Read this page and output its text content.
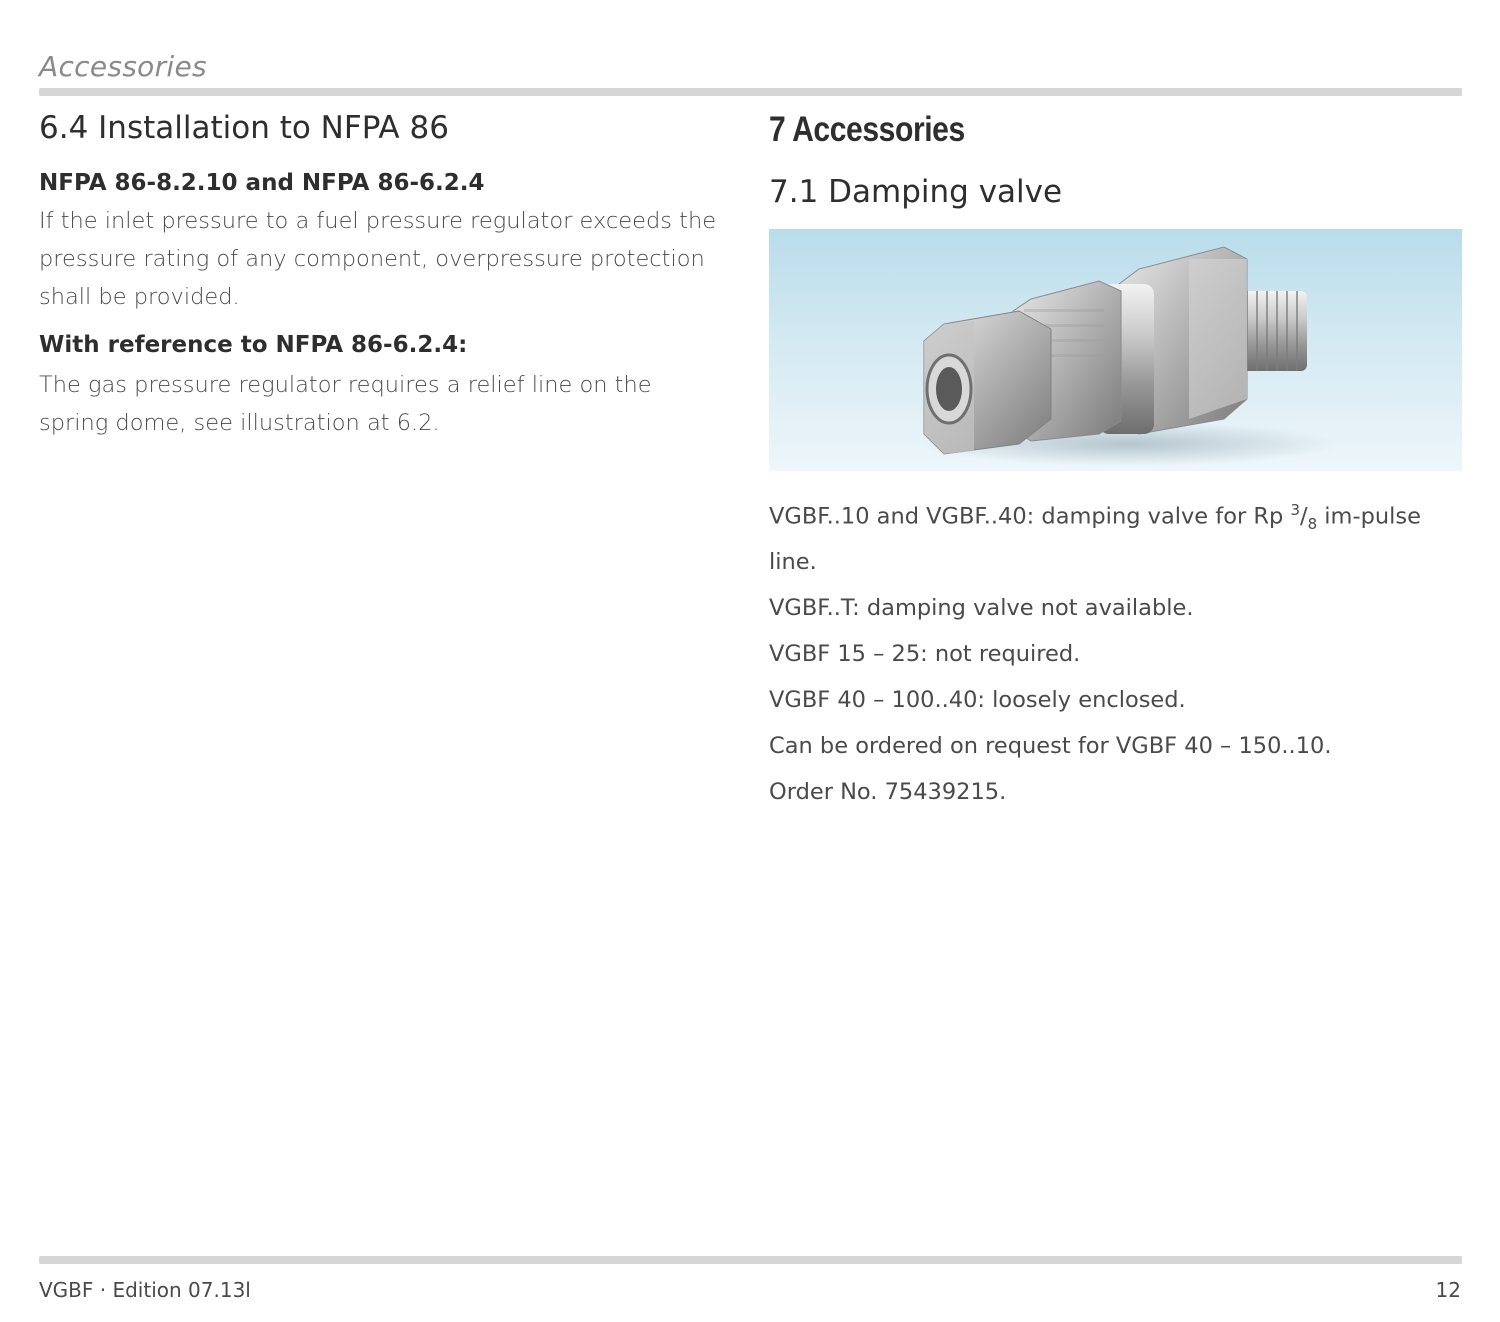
Accessories
6.4 Installation to NFPA 86
NFPA 86-8.2.10 and NFPA 86-6.2.4

If the inlet pressure to a fuel pressure regulator exceeds the pressure rating of any component, overpressure protection shall be provided.

With reference to NFPA 86-6.2.4:

The gas pressure regulator requires a relief line on the spring dome, see illustration at 6.2.

7 Accessories
7.1 Damping valve

VGBF..10 and VGBF..40: damping valve for Rp $^3/_8$ im-pulse line.

VGBF..T: damping valve not available.

VGBF 15 – 25: not required.

VGBF 40 – 100..40: loosely enclosed.

Can be ordered on request for VGBF 40 – 150..10.

Order No. 75439215.

VGBF · Edition 07.13l	12
